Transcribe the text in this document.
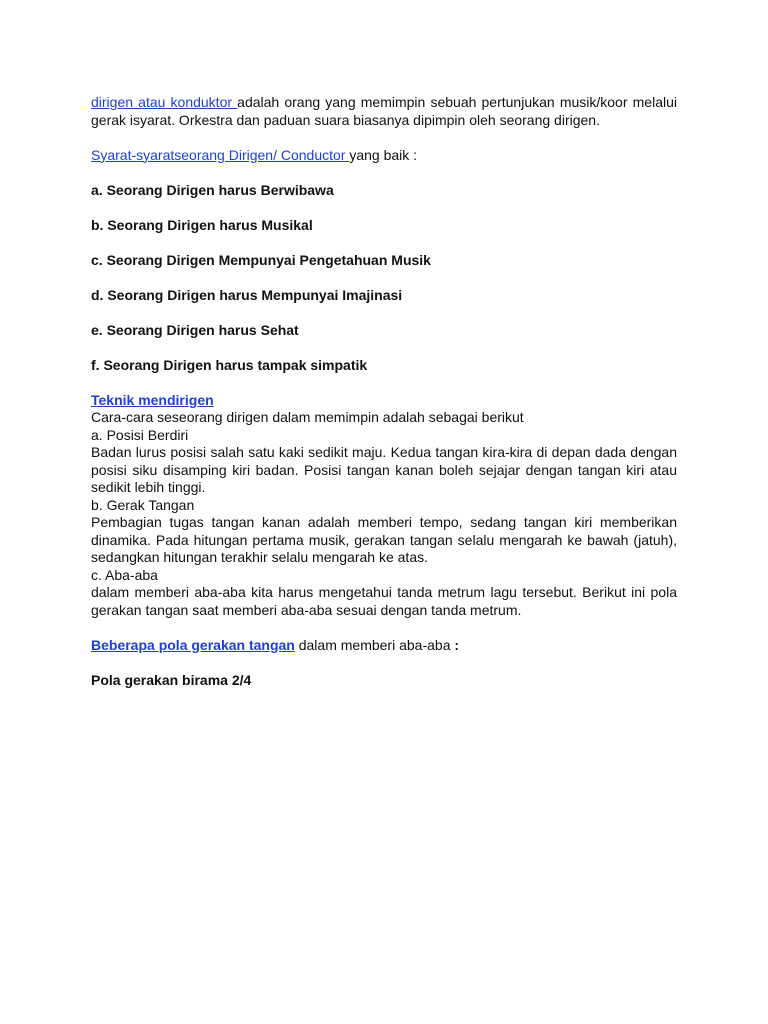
dirigen atau konduktor adalah orang yang memimpin sebuah pertunjukan musik/koor melalui gerak isyarat. Orkestra dan paduan suara biasanya dipimpin oleh seorang dirigen.

Syarat-syaratseorang Dirigen/ Conductor yang baik :

a. Seorang Dirigen harus Berwibawa

b. Seorang Dirigen harus Musikal

c. Seorang Dirigen Mempunyai Pengetahuan Musik

d. Seorang Dirigen harus Mempunyai Imajinasi

e. Seorang Dirigen harus Sehat

f. Seorang Dirigen harus tampak simpatik

Teknik mendirigen

Cara-cara seseorang dirigen dalam memimpin adalah sebagai berikut

a. Posisi Berdiri

Badan lurus posisi salah satu kaki sedikit maju. Kedua tangan kira-kira di depan dada dengan posisi siku disamping kiri badan. Posisi tangan kanan boleh sejajar dengan tangan kiri atau sedikit lebih tinggi.

b. Gerak Tangan

Pembagian tugas tangan kanan adalah memberi tempo, sedang tangan kiri memberikan dinamika. Pada hitungan pertama musik, gerakan tangan selalu mengarah ke bawah (jatuh), sedangkan hitungan terakhir selalu mengarah ke atas.

c. Aba-aba

dalam memberi aba-aba kita harus mengetahui tanda metrum lagu tersebut. Berikut ini pola gerakan tangan saat memberi aba-aba sesuai dengan tanda metrum.

Beberapa pola gerakan tangan dalam memberi aba-aba :

Pola gerakan birama 2/4
